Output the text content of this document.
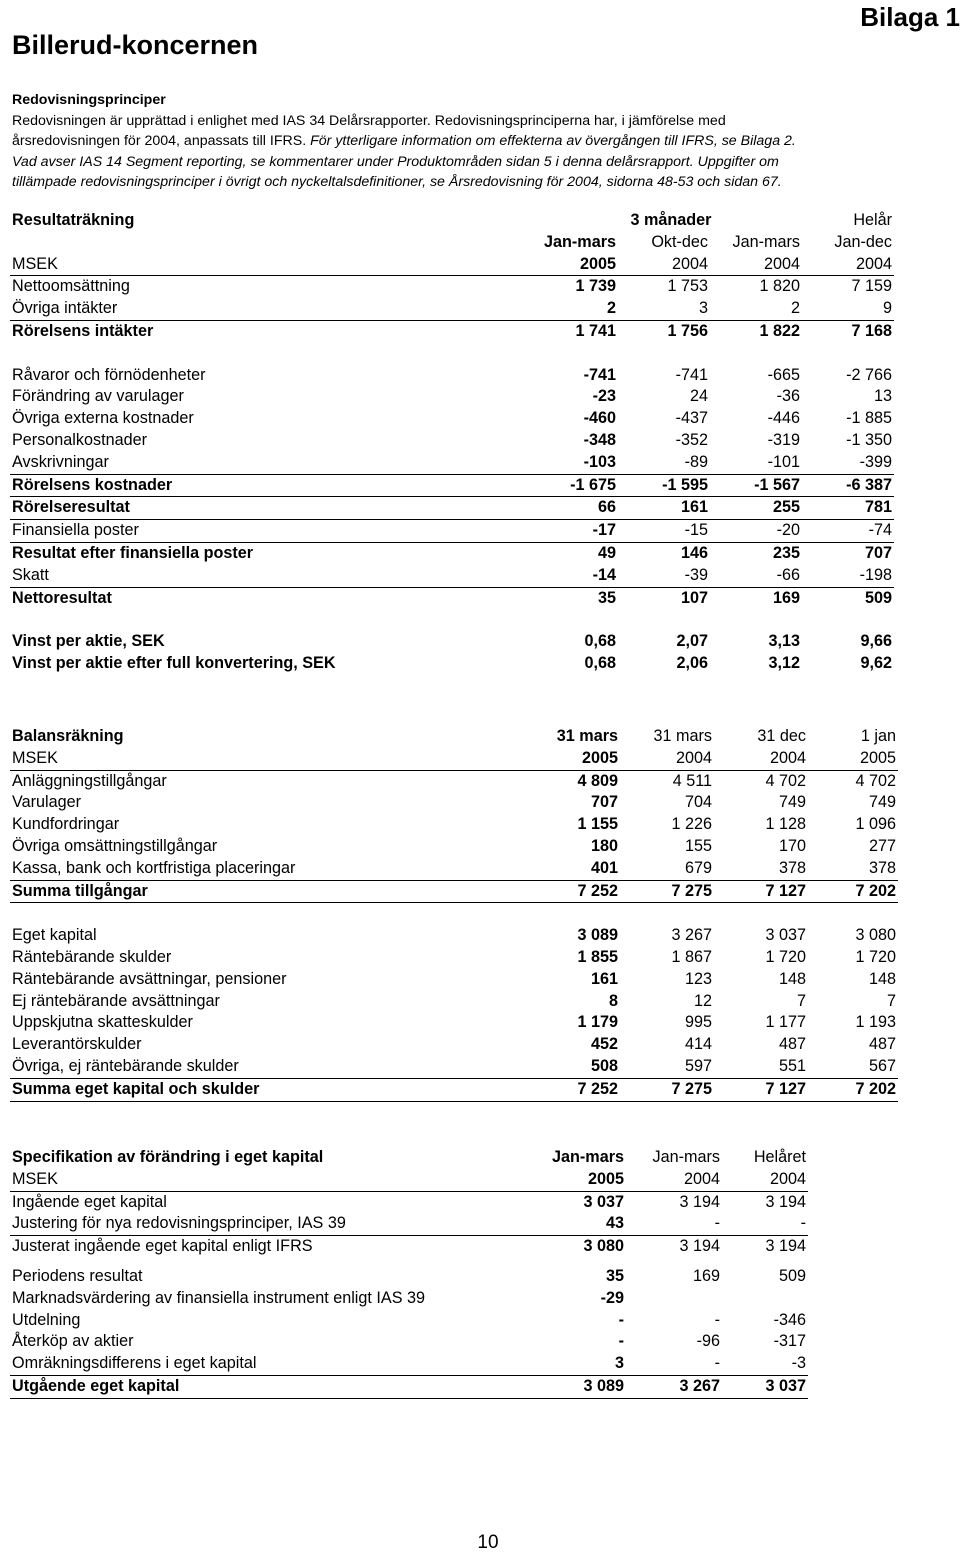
Bilaga 1
Billerud-koncernen
Redovisningsprinciper
Redovisningen är upprättad i enlighet med IAS 34 Delårsrapporter. Redovisningsprinciperna har, i jämförelse med
årsredovisningen för 2004, anpassats till IFRS. För ytterligare information om effekterna av övergången till IFRS, se Bilaga 2.
Vad avser IAS 14 Segment reporting, se kommentarer under Produktområden sidan 5 i denna delårsrapport. Uppgifter om
tillämpade redovisningsprinciper i övrigt och nyckeltalsdefinitioner, se Årsredovisning för 2004, sidorna 48-53 och sidan 67.
Resultaträkning		3 månader		Helår
	Jan-mars	Okt-dec	Jan-mars	Jan-dec
MSEK	2005	2004	2004	2004
Nettoomsättning	1 739	1 753	1 820	7 159
Övriga intäkter	2	3	2	9
Rörelsens intäkter	1 741	1 756	1 822	7 168

Råvaror och förnödenheter	-741	-741	-665	-2 766
Förändring av varulager	-23	24	-36	13
Övriga externa kostnader	-460	-437	-446	-1 885
Personalkostnader	-348	-352	-319	-1 350
Avskrivningar	-103	-89	-101	-399
Rörelsens kostnader	-1 675	-1 595	-1 567	-6 387
Rörelseresultat	66	161	255	781
Finansiella poster	-17	-15	-20	-74
Resultat efter finansiella poster	49	146	235	707
Skatt	-14	-39	-66	-198
Nettoresultat	35	107	169	509

Vinst per aktie, SEK	0,68	2,07	3,13	9,66
Vinst per aktie efter full konvertering, SEK	0,68	2,06	3,12	9,62
Balansräkning	31 mars	31 mars	31 dec	1 jan
MSEK	2005	2004	2004	2005
Anläggningstillgångar	4 809	4 511	4 702	4 702
Varulager	707	704	749	749
Kundfordringar	1 155	1 226	1 128	1 096
Övriga omsättningstillgångar	180	155	170	277
Kassa, bank och kortfristiga placeringar	401	679	378	378
Summa tillgångar	7 252	7 275	7 127	7 202

Eget kapital	3 089	3 267	3 037	3 080
Räntebärande skulder	1 855	1 867	1 720	1 720
Räntebärande avsättningar, pensioner	161	123	148	148
Ej räntebärande avsättningar	8	12	7	7
Uppskjutna skatteskulder	1 179	995	1 177	1 193
Leverantörskulder	452	414	487	487
Övriga, ej räntebärande skulder	508	597	551	567
Summa eget kapital och skulder	7 252	7 275	7 127	7 202
Specifikation av förändring i eget kapital	Jan-mars	Jan-mars	Helåret
MSEK	2005	2004	2004
Ingående eget kapital	3 037	3 194	3 194
Justering för nya redovisningsprinciper, IAS 39	43	-	-
Justerat ingående eget kapital enligt IFRS	3 080	3 194	3 194

Periodens resultat	35	169	509
Marknadsvärdering av finansiella instrument enligt IAS 39	-29		
Utdelning	-	-	-346
Återköp av aktier	-	-96	-317
Omräkningsdifferens i eget kapital	3	-	-3
Utgående eget kapital	3 089	3 267	3 037
10
